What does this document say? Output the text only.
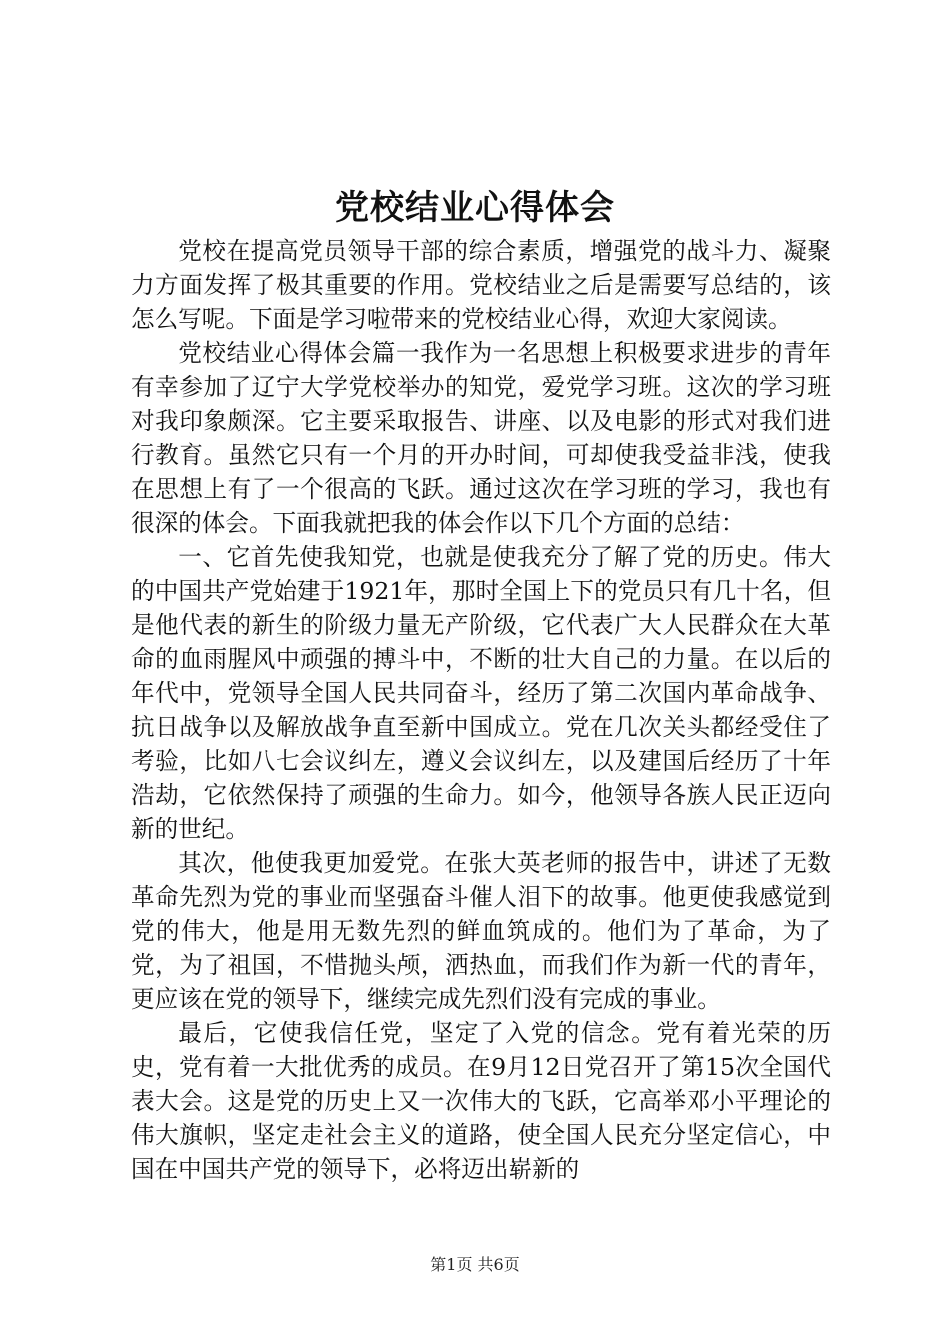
党校结业心得体会

党校在提高党员领导干部的综合素质，增强党的战斗力、凝聚力方面发挥了极其重要的作用。党校结业之后是需要写总结的，该怎么写呢。下面是学习啦带来的党校结业心得，欢迎大家阅读。

党校结业心得体会篇一我作为一名思想上积极要求进步的青年有幸参加了辽宁大学党校举办的知党，爱党学习班。这次的学习班对我印象颇深。它主要采取报告、讲座、以及电影的形式对我们进行教育。虽然它只有一个月的开办时间，可却使我受益非浅，使我在思想上有了一个很高的飞跃。通过这次在学习班的学习，我也有很深的体会。下面我就把我的体会作以下几个方面的总结：

一、它首先使我知党，也就是使我充分了解了党的历史。伟大的中国共产党始建于1921年，那时全国上下的党员只有几十名，但是他代表的新生的阶级力量无产阶级，它代表广大人民群众在大革命的血雨腥风中顽强的搏斗中，不断的壮大自己的力量。在以后的年代中，党领导全国人民共同奋斗，经历了第二次国内革命战争、抗日战争以及解放战争直至新中国成立。党在几次关头都经受住了考验，比如八七会议纠左，遵义会议纠左，以及建国后经历了十年浩劫，它依然保持了顽强的生命力。如今，他领导各族人民正迈向新的世纪。

其次，他使我更加爱党。在张大英老师的报告中，讲述了无数革命先烈为党的事业而坚强奋斗催人泪下的故事。他更使我感觉到党的伟大，他是用无数先烈的鲜血筑成的。他们为了革命，为了党，为了祖国，不惜抛头颅，洒热血，而我们作为新一代的青年，更应该在党的领导下，继续完成先烈们没有完成的事业。

最后，它使我信任党，坚定了入党的信念。党有着光荣的历史，党有着一大批优秀的成员。在9月12日党召开了第15次全国代表大会。这是党的历史上又一次伟大的飞跃，它高举邓小平理论的伟大旗帜，坚定走社会主义的道路，使全国人民充分坚定信心，中国在中国共产党的领导下，必将迈出崭新的

第1页 共6页
